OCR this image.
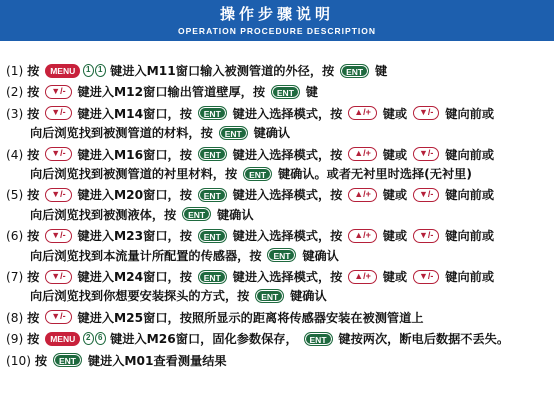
操作步骤说明
OPERATION PROCEDURE DESCRIPTION
(1) 按 MENU 1 1 键进入M11窗口输入被测管道的外径，按 ENT 键
(2) 按 ▼/- 键进入M12窗口输出管道壁厚，按 ENT 键
(3) 按 ▼/- 键进入M14窗口，按 ENT 键进入选择模式，按 ▲/+ 键或 ▼/- 键向前或
向后浏览找到被测管道的材料，按 ENT 键确认
(4) 按 ▼/- 键进入M16窗口，按 ENT 键进入选择模式，按 ▲/+ 键或 ▼/- 键向前或
向后浏览找到被测管道的衬里材料，按 ENT 键确认。或者无衬里时选择(无衬里)
(5) 按 ▼/- 键进入M20窗口，按 ENT 键进入选择模式，按 ▲/+ 键或 ▼/- 键向前或
向后浏览找到被测液体，按 ENT 键确认
(6) 按 ▼/- 键进入M23窗口，按 ENT 键进入选择模式，按 ▲/+ 键或 ▼/- 键向前或
向后浏览找到本流量计所配置的传感器，按 ENT 键确认
(7) 按 ▼/- 键进入M24窗口，按 ENT 键进入选择模式，按 ▲/+ 键或 ▼/- 键向前或
向后浏览找到你想要安装探头的方式，按 ENT 键确认
(8) 按 ▼/- 键进入M25窗口，按照所显示的距离将传感器安装在被测管道上
(9) 按 MENU 2 6 键进入M26窗口，固化参数保存， ENT 键按两次，断电后数据不丢失。
(10) 按 ENT 键进入M01查看测量结果
